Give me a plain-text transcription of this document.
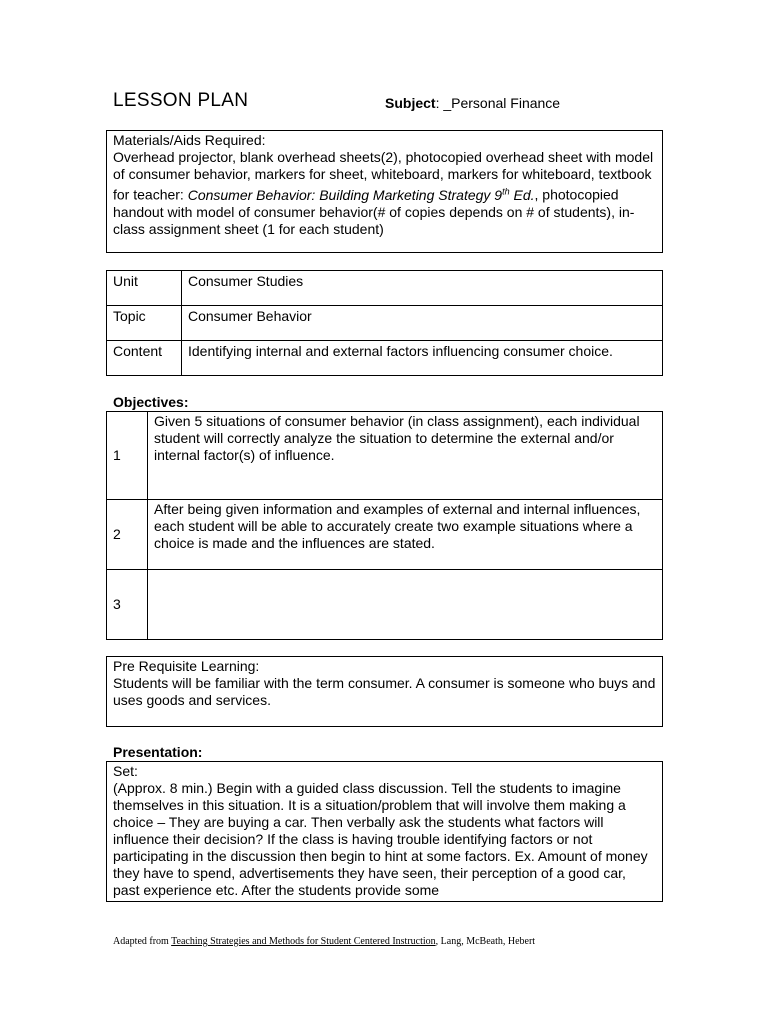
LESSON PLAN	Subject: _Personal Finance

Materials/Aids Required:

Overhead projector, blank overhead sheets(2), photocopied overhead sheet with model of consumer behavior, markers for sheet, whiteboard, markers for whiteboard, textbook for teacher: Consumer Behavior: Building Marketing Strategy 9th Ed., photocopied handout with model of consumer behavior(# of copies depends on # of students), in-class assignment sheet (1 for each student)

Unit	Consumer Studies
Topic	Consumer Behavior
Content	Identifying internal and external factors influencing consumer choice.
Objectives:
1	Given 5 situations of consumer behavior (in class assignment), each individual student will correctly analyze the situation to determine the external and/or internal factor(s) of influence.
2	After being given information and examples of external and internal influences, each student will be able to accurately create two example situations where a choice is made and the influences are stated.
3	

Pre Requisite Learning:

Students will be familiar with the term consumer. A consumer is someone who buys and uses goods and services.

Presentation:

Set:

(Approx. 8 min.) Begin with a guided class discussion. Tell the students to imagine themselves in this situation. It is a situation/problem that will involve them making a choice – They are buying a car. Then verbally ask the students what factors will influence their decision? If the class is having trouble identifying factors or not participating in the discussion then begin to hint at some factors. Ex. Amount of money they have to spend, advertisements they have seen, their perception of a good car, past experience etc. After the students provide some

Adapted from Teaching Strategies and Methods for Student Centered Instruction, Lang, McBeath, Hebert
